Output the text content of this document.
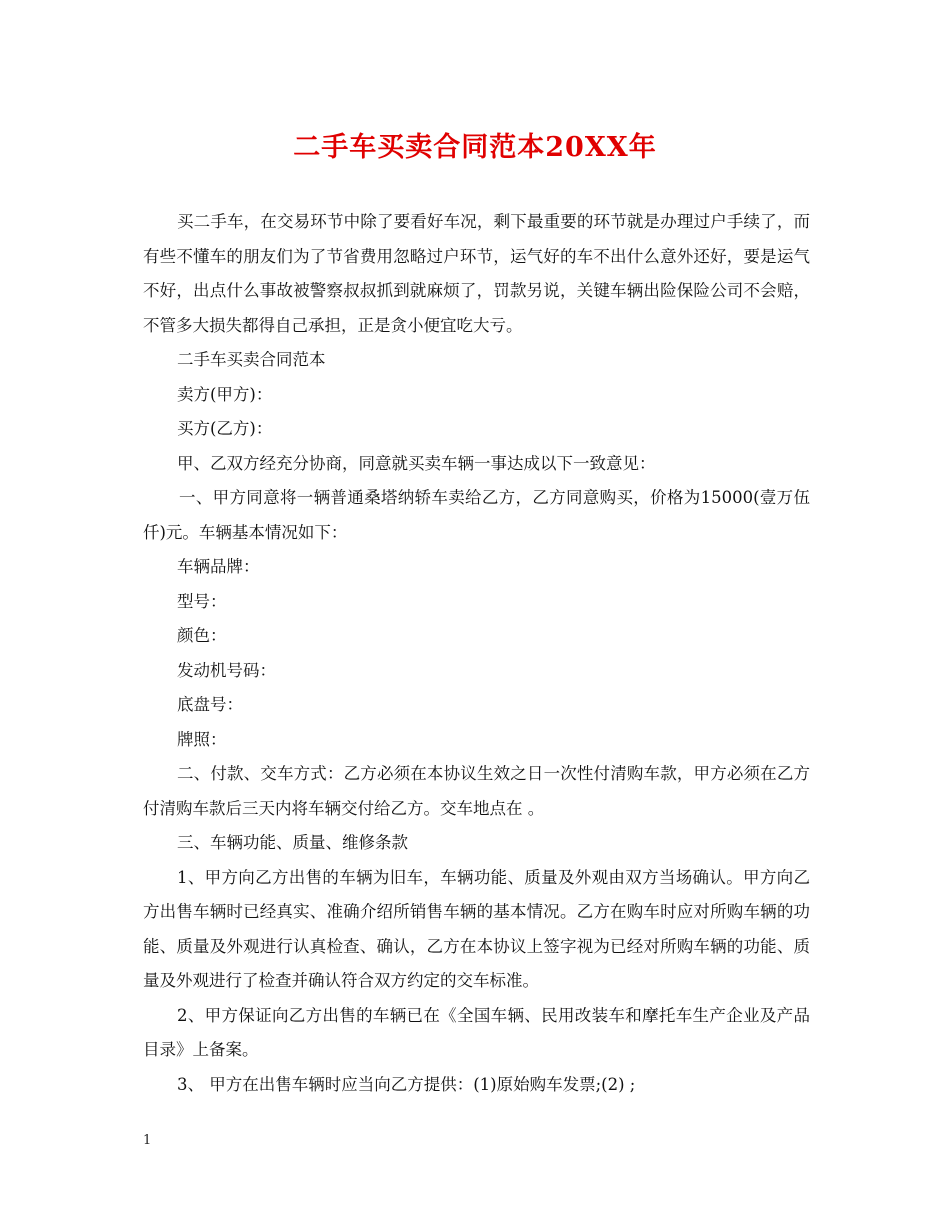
二手车买卖合同范本20XX年

买二手车，在交易环节中除了要看好车况，剩下最重要的环节就是办理过户手续了，而有些不懂车的朋友们为了节省费用忽略过户环节，运气好的车不出什么意外还好，要是运气不好，出点什么事故被警察叔叔抓到就麻烦了，罚款另说，关键车辆出险保险公司不会赔，不管多大损失都得自己承担，正是贪小便宜吃大亏。

二手车买卖合同范本

卖方(甲方)：

买方(乙方)：

甲、乙双方经充分协商，同意就买卖车辆一事达成以下一致意见：

一、甲方同意将一辆普通桑塔纳轿车卖给乙方，乙方同意购买，价格为15000(壹万伍仟)元。车辆基本情况如下：

车辆品牌：

型号：

颜色：

发动机号码：

底盘号：

牌照：

二、付款、交车方式：乙方必须在本协议生效之日一次性付清购车款，甲方必须在乙方付清购车款后三天内将车辆交付给乙方。交车地点在 。

三、车辆功能、质量、维修条款

1、甲方向乙方出售的车辆为旧车，车辆功能、质量及外观由双方当场确认。甲方向乙方出售车辆时已经真实、准确介绍所销售车辆的基本情况。乙方在购车时应对所购车辆的功能、质量及外观进行认真检查、确认，乙方在本协议上签字视为已经对所购车辆的功能、质量及外观进行了检查并确认符合双方约定的交车标准。

2、甲方保证向乙方出售的车辆已在《全国车辆、民用改装车和摩托车生产企业及产品目录》上备案。

3、 甲方在出售车辆时应当向乙方提供：(1)原始购车发票;(2) ;

1
